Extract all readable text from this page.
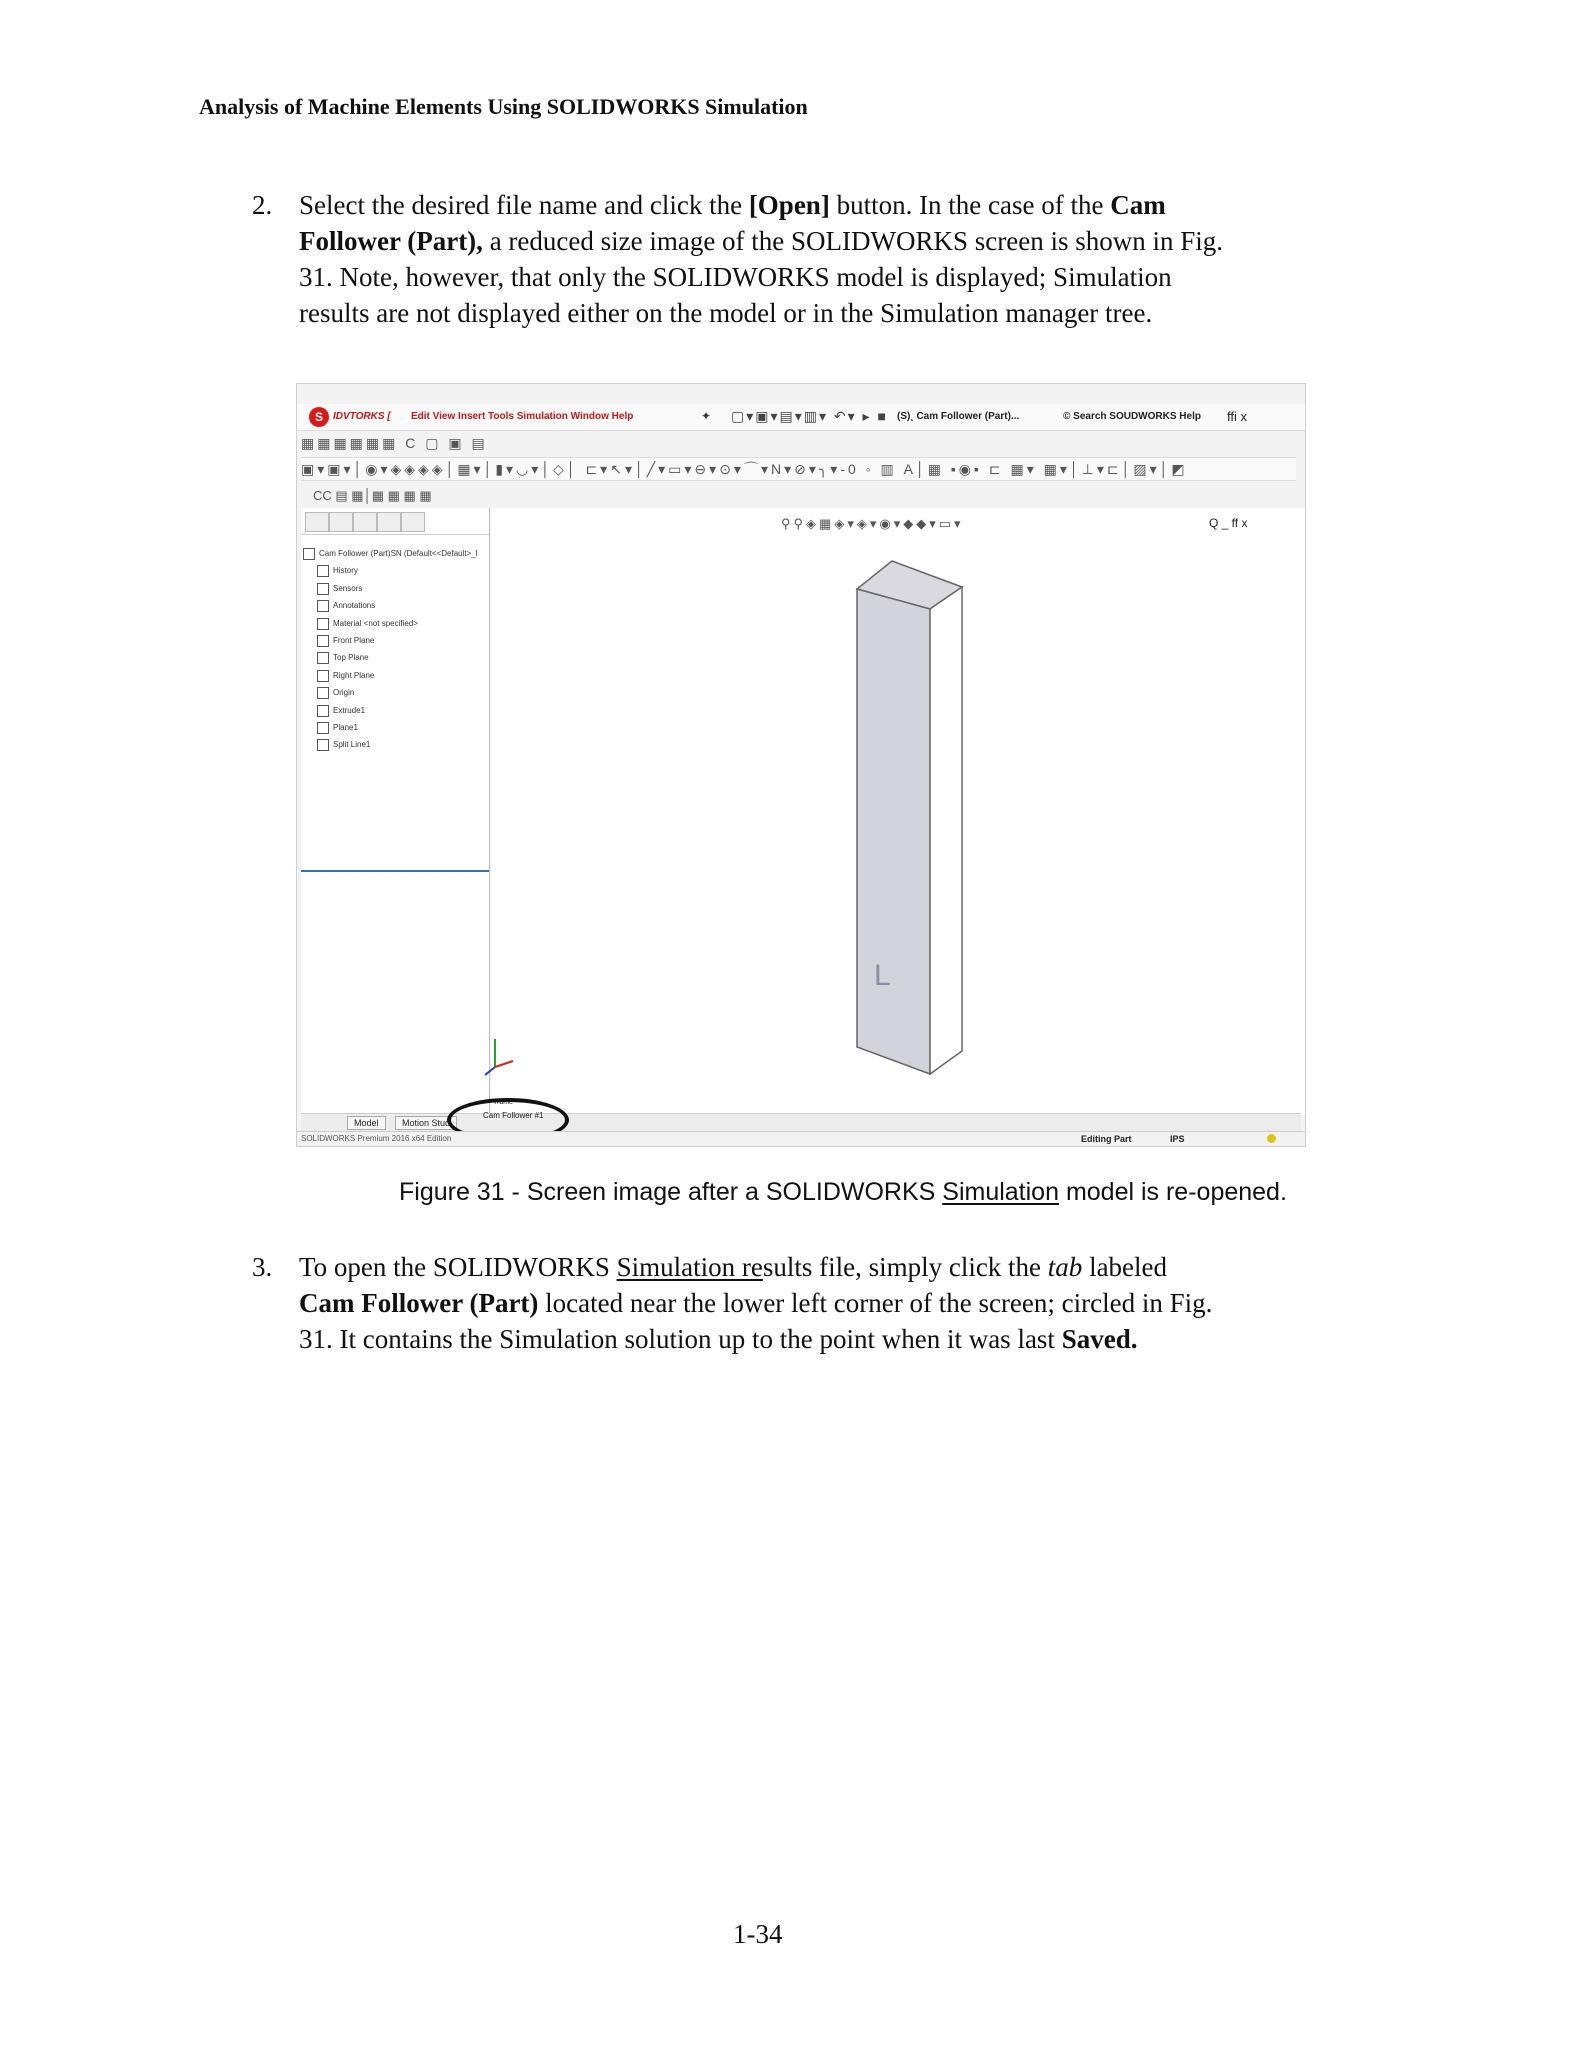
Analysis of Machine Elements Using SOLIDWORKS Simulation
2. Select the desired file name and click the [Open] button. In the case of the Cam Follower (Part), a reduced size image of the SOLIDWORKS screen is shown in Fig. 31. Note, however, that only the SOLIDWORKS model is displayed; Simulation results are not displayed either on the model or in the Simulation manager tree.
S	IDVTORKS [ Edit View Insert Tools Simulation Window Help	✦ ▢▾▣▾▤▾▥▾ ↶▾ ▸ ■ (S)¸ Cam Follower (Part)...	© Search SOUDWORKS Help ffi x
▦▦▦▦▦▦ C ▢ ▣ ▤
▣▾▣▾│◉▾◈◈◈◈│▦▾│▮▾◡▾│◇│ ⊏▾↖▾│╱▾▭▾⊖▾⊙▾⌒▾Ν▾⊘▾╮▾-0 ◦ ▥ A│▦ ▪◉▪ ⊏ ▦▾ ▦▾│⊥▾⊏│▨▾│◩
CC ▤ ▦│▦ ▦ ▦ ▦
Cam Follower (Part)SN (Default<<Default>_l
History
Sensors
Annotations
Material <not specified>
Front Plane
Top Plane
Right Plane
Origin
Extrude1
Plane1
Split Line1
⚲⚲◈▦◈▾◈▾◉▾◆◆▾▭▾	Q _ ff x
L
Model	Motion Stud
Cam Follower #1
Trame
SOLIDWORKS Premium 2016 x64 Edition	Editing Part	IPS
Figure 31 - Screen image after a SOLIDWORKS Simulation model is re-opened.
3. To open the SOLIDWORKS Simulation results file, simply click the tab labeled Cam Follower (Part) located near the lower left corner of the screen; circled in Fig. 31. It contains the Simulation solution up to the point when it was last Saved.
1-34
